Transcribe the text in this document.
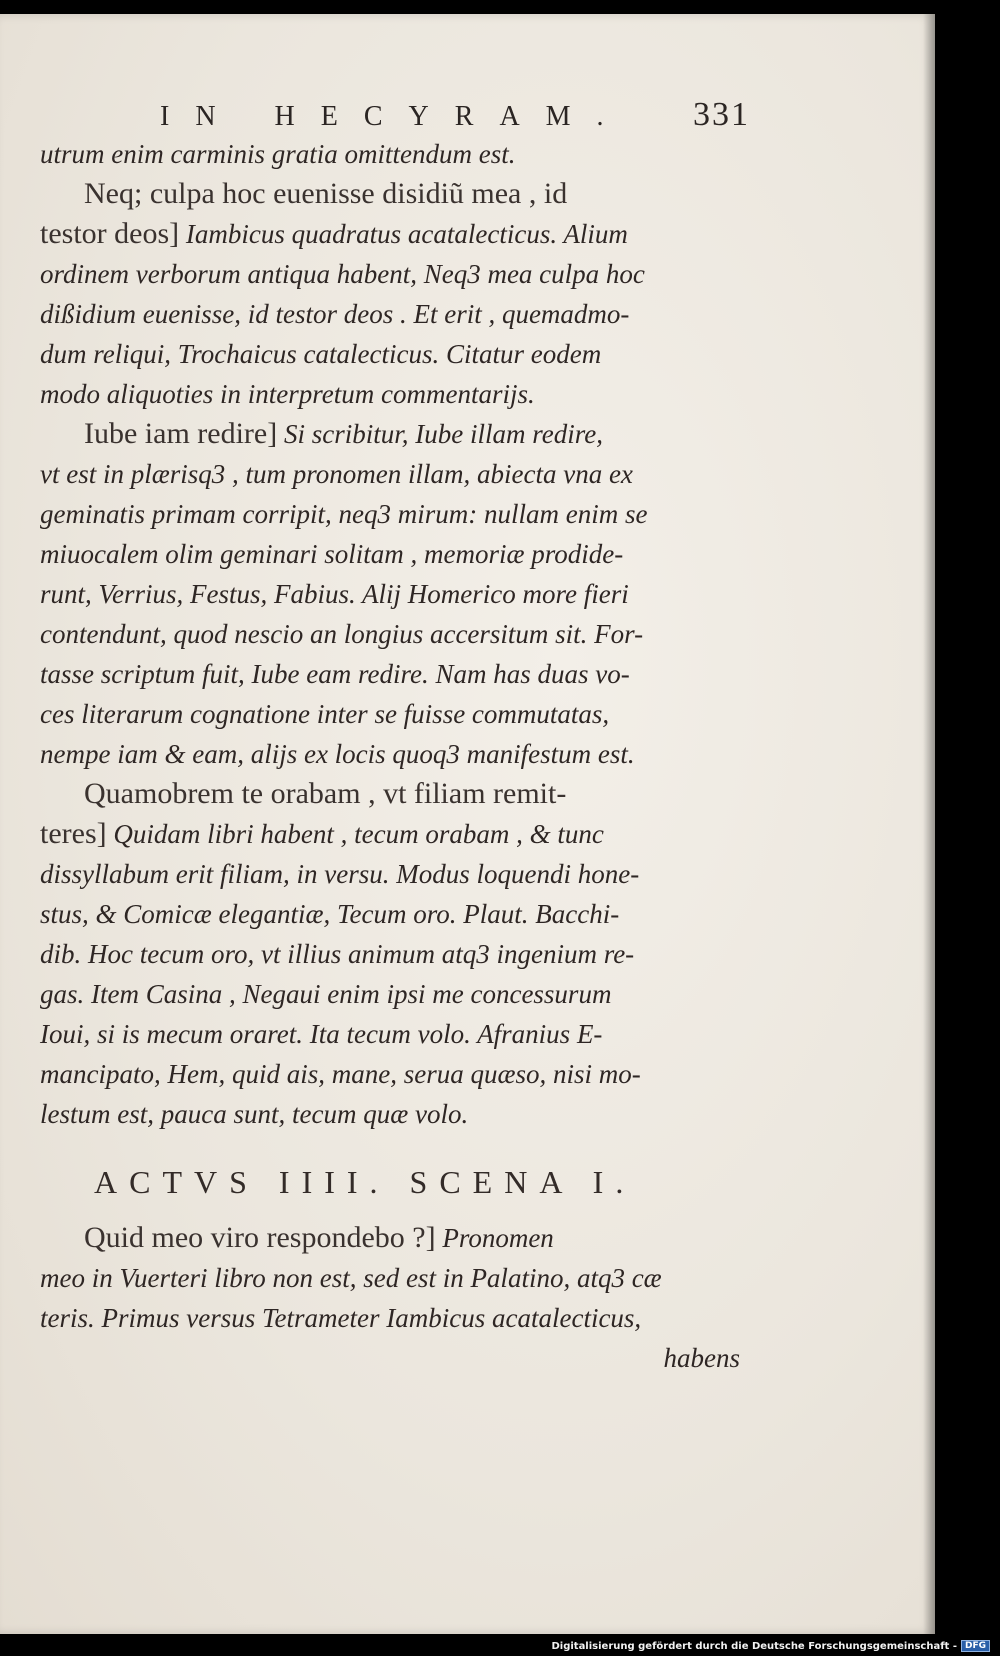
IN HECYRAM. 331
utrum enim carminis gratia omittendum est.
Neq; culpa hoc euenisse disidiũ mea , id
testor deos] Iambicus quadratus acatalecticus. Alium
ordinem verborum antiqua habent, Neq3 mea culpa hoc
dißidium euenisse, id testor deos . Et erit , quemadmo-
dum reliqui, Trochaicus catalecticus. Citatur eodem
modo aliquoties in interpretum commentarijs.
Iube iam redire] Si scribitur, Iube illam redire,
vt est in plærisq3 , tum pronomen illam, abiecta vna ex
geminatis primam corripit, neq3 mirum: nullam enim se
miuocalem olim geminari solitam , memoriæ prodide-
runt, Verrius, Festus, Fabius. Alij Homerico more fieri
contendunt, quod nescio an longius accersitum sit. For-
tasse scriptum fuit, Iube eam redire. Nam has duas vo-
ces literarum cognatione inter se fuisse commutatas,
nempe iam & eam, alijs ex locis quoq3 manifestum est.
Quamobrem te orabam , vt filiam remit-
teres] Quidam libri habent , tecum orabam , & tunc
dissyllabum erit filiam, in versu. Modus loquendi hone-
stus, & Comicæ elegantiæ, Tecum oro. Plaut. Bacchi-
dib. Hoc tecum oro, vt illius animum atq3 ingenium re-
gas. Item Casina , Negaui enim ipsi me concessurum
Ioui, si is mecum oraret. Ita tecum volo. Afranius E-
mancipato, Hem, quid ais, mane, serua quæso, nisi mo-
lestum est, pauca sunt, tecum quæ volo.
ACTVS IIII. SCENA I.
Quid meo viro respondebo ?] Pronomen
meo in Vuerteri libro non est, sed est in Palatino, atq3 cæ
teris. Primus versus Tetrameter Iambicus acatalecticus,
habens
Digitalisierung gefördert durch die Deutsche Forschungsgemeinschaft - DFG
